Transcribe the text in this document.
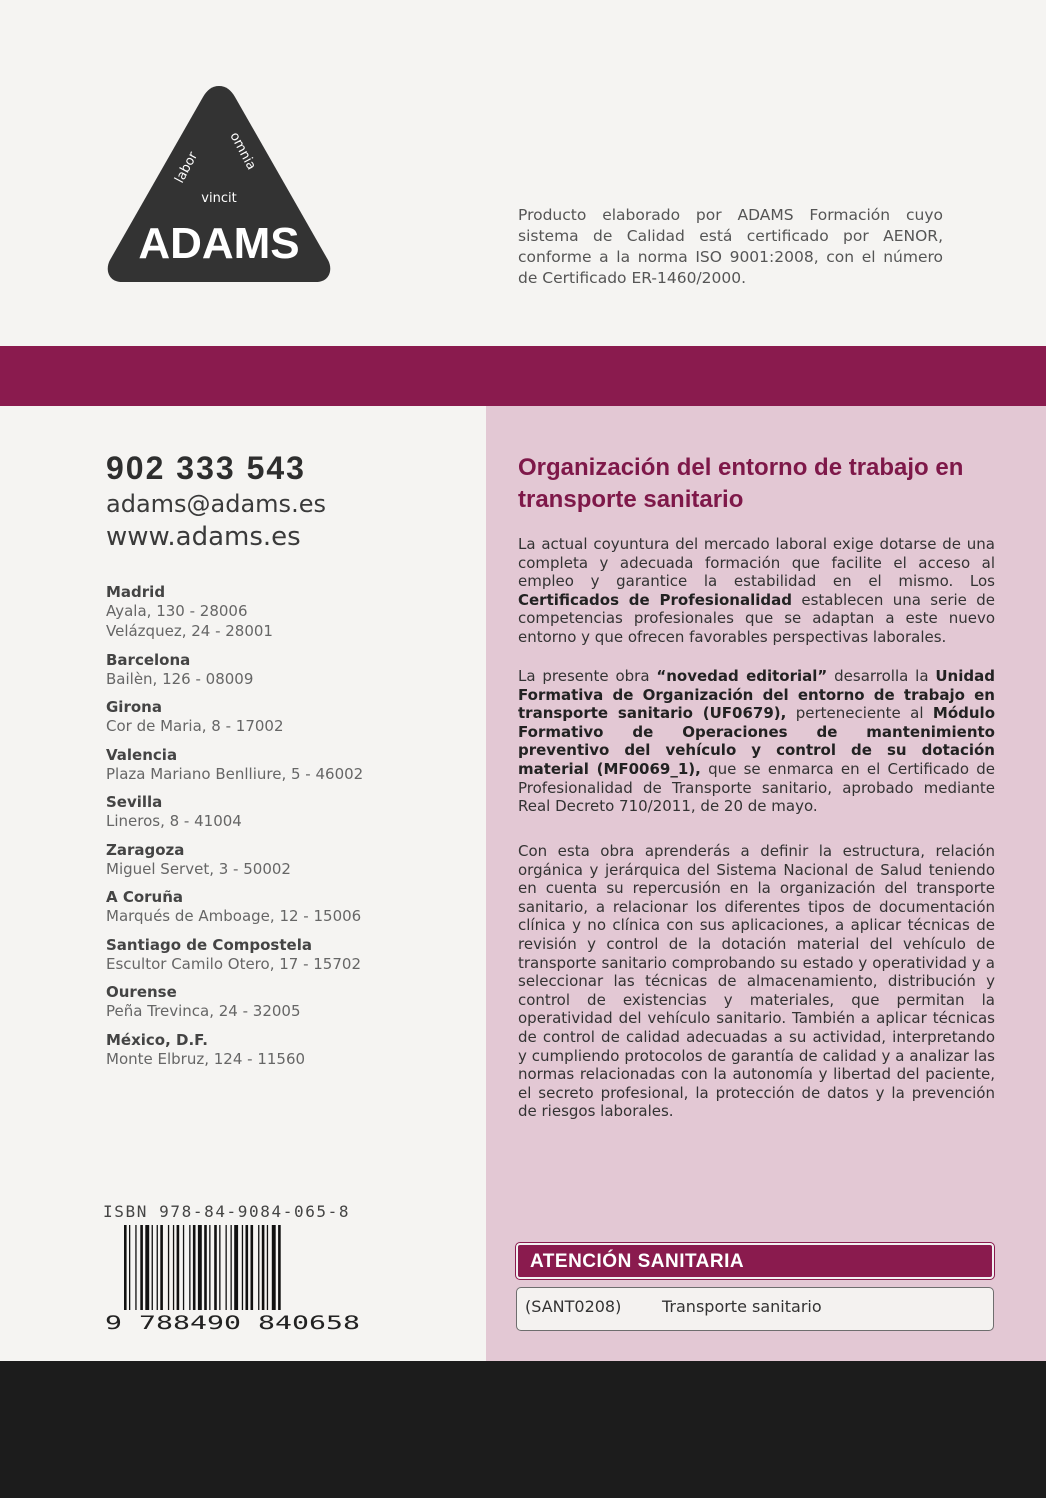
labor omnia
vincit
ADAMS
Producto elaborado por ADAMS Formación cuyo sistema de Calidad está certificado por AENOR, conforme a la norma ISO 9001:2008, con el número de Certificado ER-1460/2000.
902 333 543
adams@adams.es
www.adams.es
Madrid
Ayala, 130 - 28006
Velázquez, 24 - 28001
Barcelona
Bailèn, 126 - 08009
Girona
Cor de Maria, 8 - 17002
Valencia
Plaza Mariano Benlliure, 5 - 46002
Sevilla
Lineros, 8 - 41004
Zaragoza
Miguel Servet, 3 - 50002
A Coruña
Marqués de Amboage, 12 - 15006
Santiago de Compostela
Escultor Camilo Otero, 17 - 15702
Ourense
Peña Trevinca, 24 - 32005
México, D.F.
Monte Elbruz, 124 - 11560
ISBN 978-84-9084-065-8
9 788490 840658
Organización del entorno de trabajo en transporte sanitario
La actual coyuntura del mercado laboral exige dotarse de una completa y adecuada formación que facilite el acceso al empleo y garantice la estabilidad en el mismo. Los Certificados de Profesionalidad establecen una serie de competencias profesionales que se adaptan a este nuevo entorno y que ofrecen favorables perspectivas laborales.
La presente obra “novedad editorial” desarrolla la Unidad Formativa de Organización del entorno de trabajo en transporte sanitario (UF0679), perteneciente al Módulo Formativo de Operaciones de mantenimiento preventivo del vehículo y control de su dotación material (MF0069_1), que se enmarca en el Certificado de Profesionalidad de Transporte sanitario, aprobado mediante Real Decreto 710/2011, de 20 de mayo.
Con esta obra aprenderás a definir la estructura, relación orgánica y jerárquica del Sistema Nacional de Salud teniendo en cuenta su repercusión en la organización del transporte sanitario, a relacionar los diferentes tipos de documentación clínica y no clínica con sus aplicaciones, a aplicar técnicas de revisión y control de la dotación material del vehículo de transporte sanitario comprobando su estado y operatividad y a seleccionar las técnicas de almacenamiento, distribución y control de existencias y materiales, que permitan la operatividad del vehículo sanitario. También a aplicar técnicas de control de calidad adecuadas a su actividad, interpretando y cumpliendo protocolos de garantía de calidad y a analizar las normas relacionadas con la autonomía y libertad del paciente, el secreto profesional, la protección de datos y la prevención de riesgos laborales.
ATENCIÓN SANITARIA
(SANT0208)	Transporte sanitario
